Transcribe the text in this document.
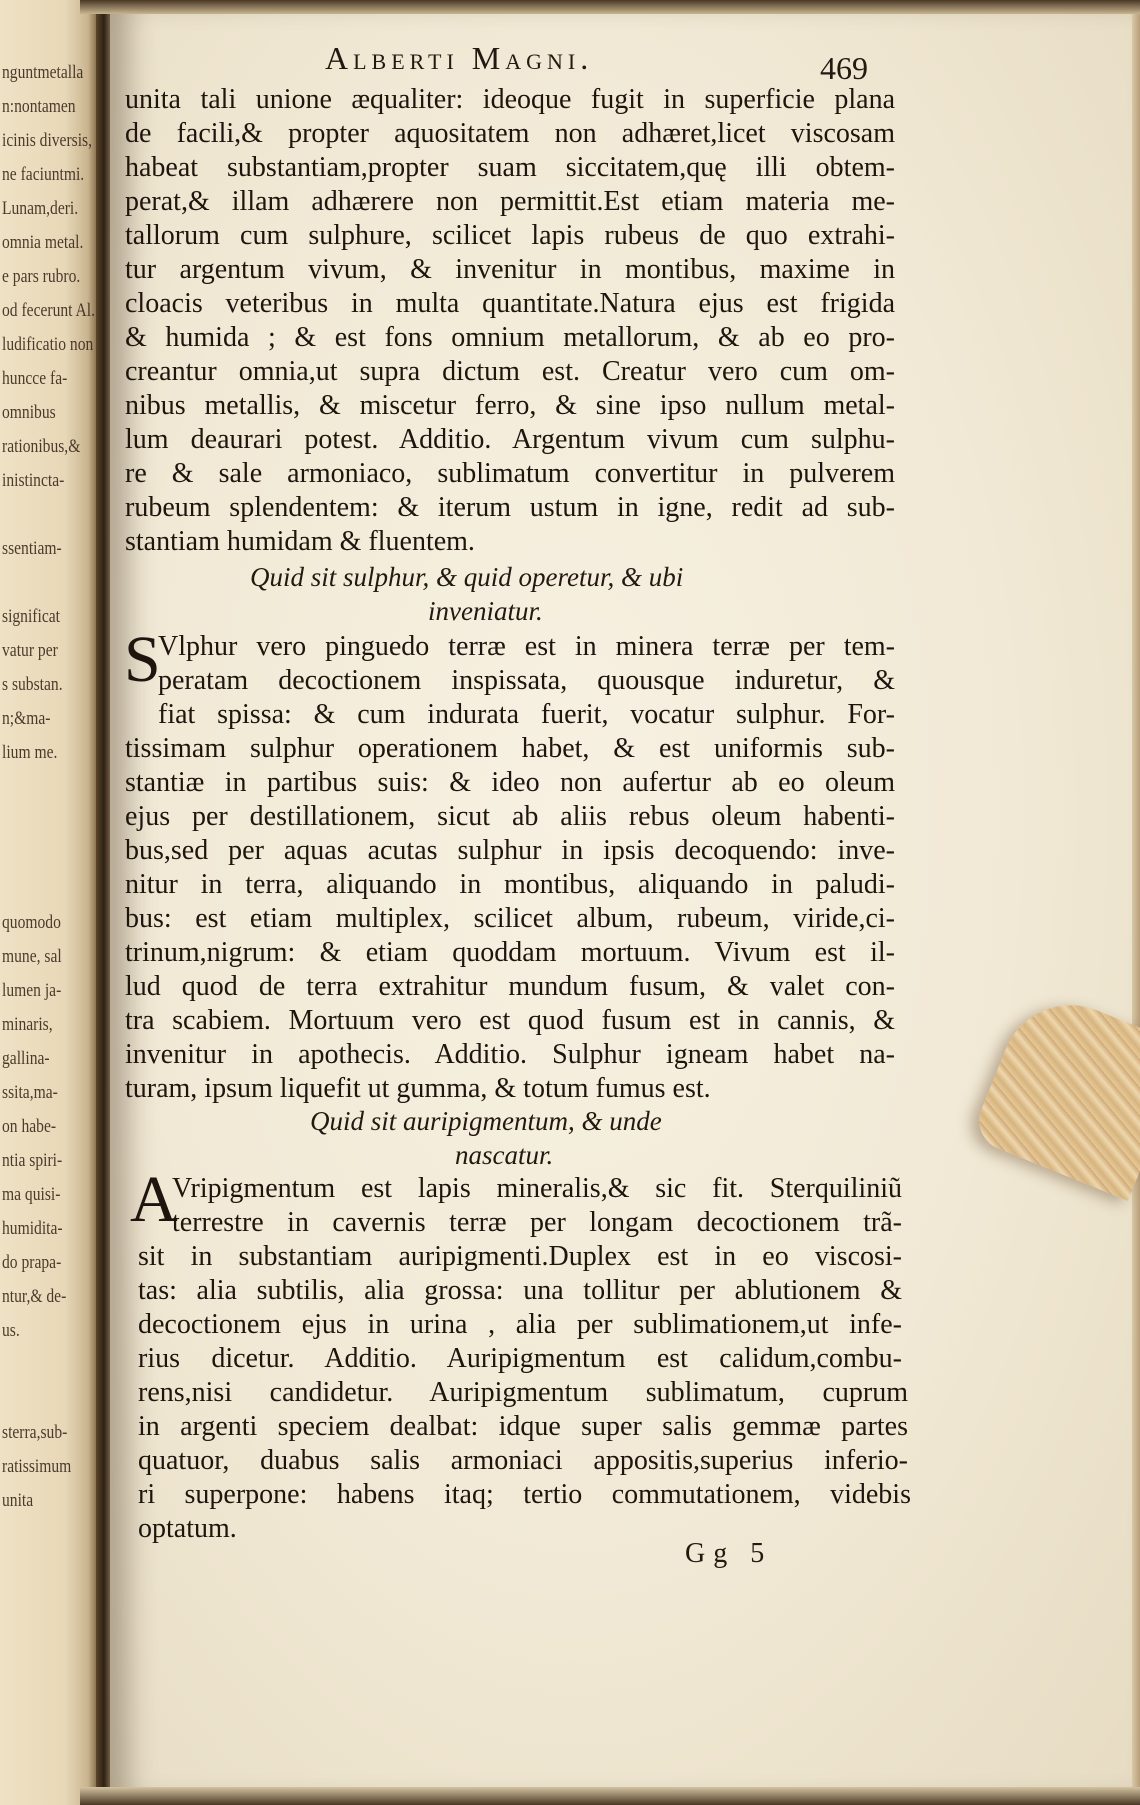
nguntmetalla
n:nontamen
icinis diversis,
ne faciuntmi.
Lunam,deri.
omnia metal.
e pars rubro.
od fecerunt Al.
ludificatio non
huncce fa-
omnibus
rationibus,&
inistincta-
ssentiam-
significat
vatur per
s substan.
n;&ma-
lium me.
quomodo
mune, sal
lumen ja-
minaris,
gallina-
ssita,ma-
on habe-
ntia spiri-
ma quisi-
humidita-
do prapa-
ntur,& de-
us.
sterra,sub-
ratissimum
unita
Alberti Magni.	469
unita tali unione æqualiter: ideoque fugit in superficie plana
de facili,& propter aquositatem non adhæret,licet viscosam
habeat substantiam,propter suam siccitatem,quę illi obtem-
perat,& illam adhærere non permittit.Est etiam materia me-
tallorum cum sulphure, scilicet lapis rubeus de quo extrahi-
tur argentum vivum, & invenitur in montibus, maxime in
cloacis veteribus in multa quantitate.Natura ejus est frigida
& humida ; & est fons omnium metallorum, & ab eo pro-
creantur omnia,ut supra dictum est. Creatur vero cum om-
nibus metallis, & miscetur ferro, & sine ipso nullum metal-
lum deaurari potest. Additio. Argentum vivum cum sulphu-
re & sale armoniaco, sublimatum convertitur in pulverem
rubeum splendentem: & iterum ustum in igne, redit ad sub-
stantiam humidam & fluentem.
Quid sit sulphur, & quid operetur, & ubi
inveniatur.
S
Vlphur vero pinguedo terræ est in minera terræ per tem-
peratam decoctionem inspissata, quousque induretur, &
fiat spissa: & cum indurata fuerit, vocatur sulphur. For-
tissimam sulphur operationem habet, & est uniformis sub-
stantiæ in partibus suis: & ideo non aufertur ab eo oleum
ejus per destillationem, sicut ab aliis rebus oleum habenti-
bus,sed per aquas acutas sulphur in ipsis decoquendo: inve-
nitur in terra, aliquando in montibus, aliquando in paludi-
bus: est etiam multiplex, scilicet album, rubeum, viride,ci-
trinum,nigrum: & etiam quoddam mortuum. Vivum est il-
lud quod de terra extrahitur mundum fusum, & valet con-
tra scabiem. Mortuum vero est quod fusum est in cannis, &
invenitur in apothecis. Additio. Sulphur igneam habet na-
turam, ipsum liquefit ut gumma, & totum fumus est.
Quid sit auripigmentum, & unde
nascatur.
A
Vripigmentum est lapis mineralis,& sic fit. Sterquiliniũ
terrestre in cavernis terræ per longam decoctionem trã-
sit in substantiam auripigmenti.Duplex est in eo viscosi-
tas: alia subtilis, alia grossa: una tollitur per ablutionem &
decoctionem ejus in urina , alia per sublimationem,ut infe-
rius dicetur. Additio. Auripigmentum est calidum,combu-
rens,nisi candidetur. Auripigmentum sublimatum, cuprum
in argenti speciem dealbat: idque super salis gemmæ partes
quatuor, duabus salis armoniaci appositis,superius inferio-
ri superpone: habens itaq; tertio commutationem, videbis
optatum.
Gg 5
